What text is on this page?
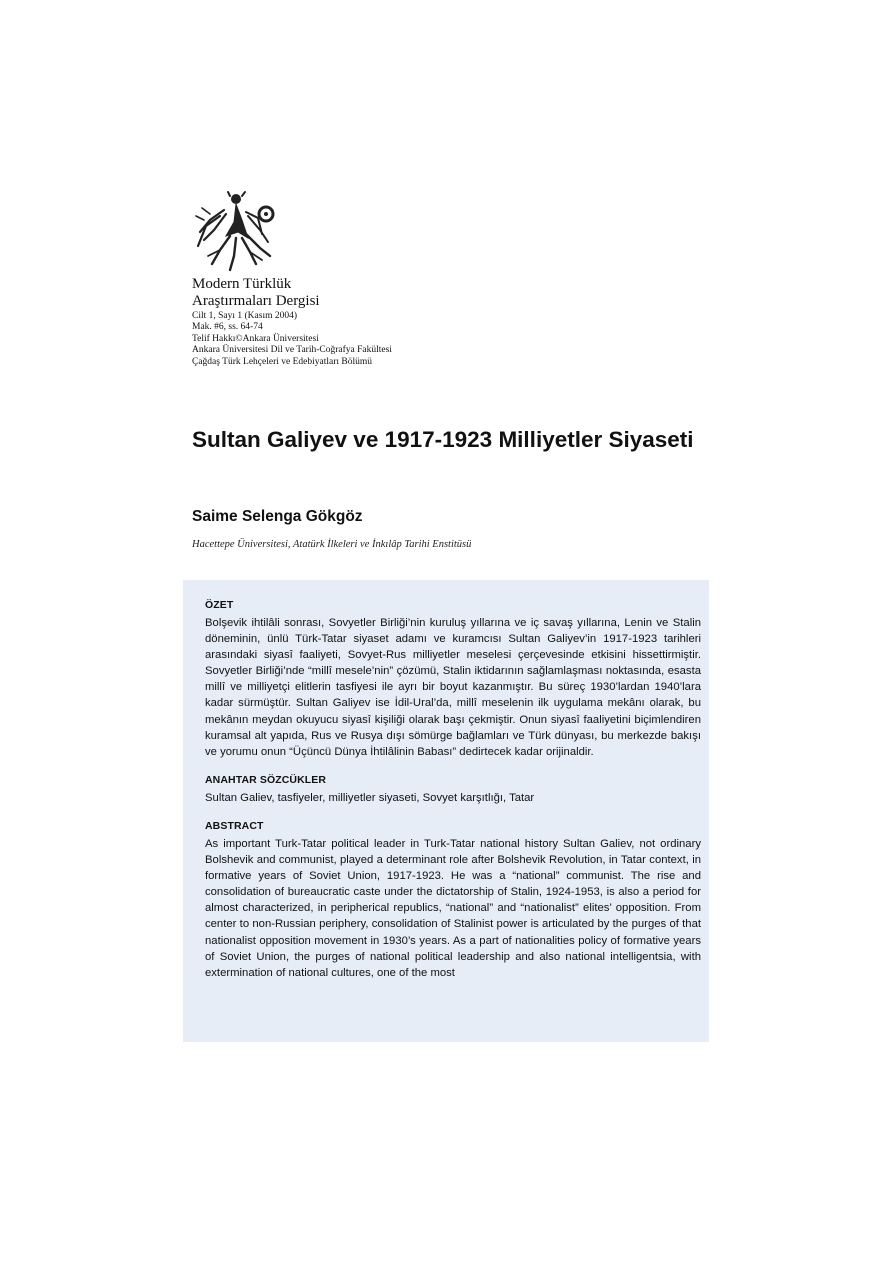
Modern Türklük
Araştırmaları Dergisi
Cilt 1, Sayı 1 (Kasım 2004)
Mak. #6, ss. 64-74
Telif Hakkı©Ankara Üniversitesi
Ankara Üniversitesi Dil ve Tarih-Coğrafya Fakültesi
Çağdaş Türk Lehçeleri ve Edebiyatları Bölümü
Sultan Galiyev ve 1917-1923 Milliyetler Siyaseti
Saime Selenga Gökgöz
Hacettepe Üniversitesi, Atatürk İlkeleri ve İnkılâp Tarihi Enstitüsü
ÖZET

Bolşevik ihtilâli sonrası, Sovyetler Birliği’nin kuruluş yıllarına ve iç savaş yıllarına, Lenin ve Stalin döneminin, ünlü Türk-Tatar siyaset adamı ve kuramcısı Sultan Galiyev’in 1917-1923 tarihleri arasındaki siyasî faaliyeti, Sovyet-Rus milliyetler meselesi çerçevesinde etkisini hissettirmiştir. Sovyetler Birliği’nde “millî mesele’nin” çözümü, Stalin iktidarının sağlamlaşması noktasında, esasta millî ve milliyetçi elitlerin tasfiyesi ile ayrı bir boyut kazanmıştır. Bu süreç 1930’lardan 1940’lara kadar sürmüştür. Sultan Galiyev ise İdil-Ural’da, millî meselenin ilk uygulama mekânı olarak, bu mekânın meydan okuyucu siyasî kişiliği olarak başı çekmiştir. Onun siyasî faaliyetini biçimlendiren kuramsal alt yapıda, Rus ve Rusya dışı sömürge bağlamları ve Türk dünyası, bu merkezde bakışı ve yorumu onun “Üçüncü Dünya İhtilâlinin Babası” dedirtecek kadar orijinaldir.

ANAHTAR SÖZCÜKLER

Sultan Galiev, tasfiyeler, milliyetler siyaseti, Sovyet karşıtlığı, Tatar

ABSTRACT

As important Turk-Tatar political leader in Turk-Tatar national history Sultan Galiev, not ordinary Bolshevik and communist, played a determinant role after Bolshevik Revolution, in Tatar context, in formative years of Soviet Union, 1917-1923. He was a “national” communist. The rise and consolidation of bureaucratic caste under the dictatorship of Stalin, 1924-1953, is also a period for almost characterized, in peripherical republics, “national” and “nationalist” elites’ opposition. From center to non-Russian periphery, consolidation of Stalinist power is articulated by the purges of that nationalist opposition movement in 1930’s years. As a part of nationalities policy of formative years of Soviet Union, the purges of national political leadership and also national intelligentsia, with extermination of national cultures, one of the most
